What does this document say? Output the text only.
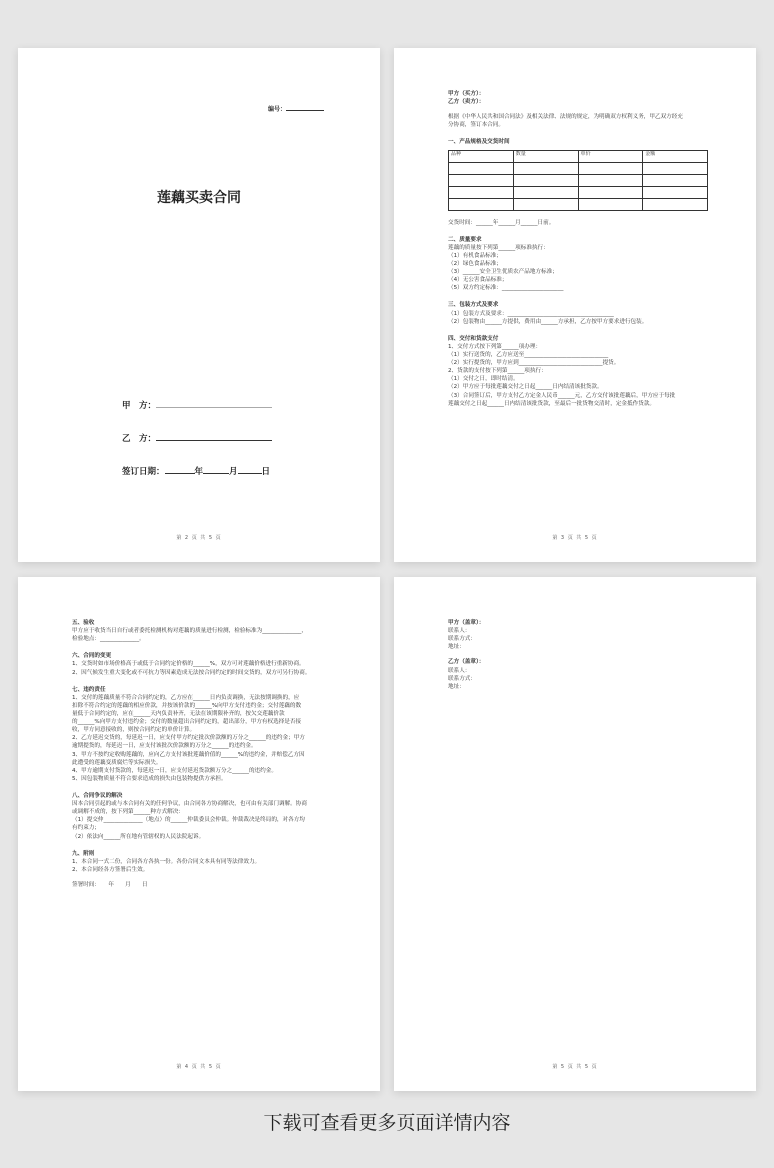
编号：
莲藕买卖合同
甲　方：
乙　方：
签订日期：	年	月	日
第 2 页 共 5 页

甲方（买方）：

乙方（卖方）：

根据《中华人民共和国合同法》及相关法律、法规的规定，为明确双方权利义务，甲乙双方经充

分协商，签订本合同。

一、产品规格及交货时间

品种	数量	单价	金额

交货时间：______年______月______日前。

二、质量要求

莲藕的质量按下列第______项标准执行：

（1）有机食品标准；

（2）绿色食品标准；

（3）______安全卫生优质农产品地方标准；

（4）无公害食品标准；

（5）双方约定标准：______________________

三、包装方式及要求

（1）包装方式及要求：______________________________________

（2）包装物由______方提供，费用由______方承担，乙方按甲方要求进行包装。

四、交付和货款支付

1、交付方式按下列第______项办理：

（1）实行送货的，乙方应送至______________________________

（2）实行提货的，甲方应到______________________________提货。

2、货款的支付按下列第______项执行：

（1）交付之日，即时结清。

（2）甲方应于每批莲藕交付之日起______日内结清该批货款。

（3）合同签订后，甲方支付乙方定金人民币______元，乙方交付该批莲藕后，甲方应于每批

莲藕交付之日起______日内结清该批货款，至最后一批货物交清时，定金抵作货款。

第 3 页 共 5 页

五、验收

甲方应于收货当日自行或者委托检测机构对莲藕的质量进行检测，检验标准为______________，

检验地点：______________。

六、合同的变更

1、交货时如市场价格高于或低于合同约定价格的______%，双方可对莲藕价格进行重新协商。

2、因气候发生重大变化或不可抗力等因素造成无法按合同约定的时间交货的，双方可另行协商。

七、违约责任

1、交付的莲藕质量不符合合同约定的，乙方应在______日内负责调换，无法按期调换的，应

扣除不符合约定的莲藕的相应价款，并按该价款的______%向甲方支付违约金；交付莲藕的数

量低于合同约定的，应在______天内负责补齐，无法在该期限补齐的，按欠交莲藕价款

的______%向甲方支付违约金；交付的数量超出合同约定的，超出部分，甲方有权选择是否接

收，甲方同意接收的，则按合同约定的单价计算。

2、乙方延迟交货的，每延迟一日，应支付甲方约定批次价款额的万分之______的违约金；甲方

逾期提货的，每延迟一日，应支付该批次价款额的万分之______的违约金。

3、甲方不按约定收购莲藕的，应向乙方支付该批莲藕价值的______%的违约金，并赔偿乙方因

此遭受的莲藕变质腐烂等实际损失。

4、甲方逾期支付货款的，每延迟一日，应支付延迟货款额万分之______的违约金。

5、因包装物质量不符合要求造成的损失由包装物提供方承担。

八、合同争议的解决

因本合同引起的或与本合同有关的任何争议，由合同各方协商解决，也可由有关部门调解。协商

或调解不成的，按下列第______种方式解决：

（1）提交仲______________（地点）的______仲裁委员会仲裁。仲裁裁决是终局的，对各方均

有约束力；

（2）依法向______所在地有管辖权的人民法院起诉。

九、附则

1、本合同一式二份，合同各方各执一份。各份合同文本具有同等法律效力。

2、本合同经各方签署后生效。

签署时间：　　年　　月　　日

第 4 页 共 5 页

甲方（盖章）：

联系人：

联系方式：

地址：

乙方（盖章）：

联系人：

联系方式：

地址：

第 5 页 共 5 页
下载可查看更多页面详情内容
